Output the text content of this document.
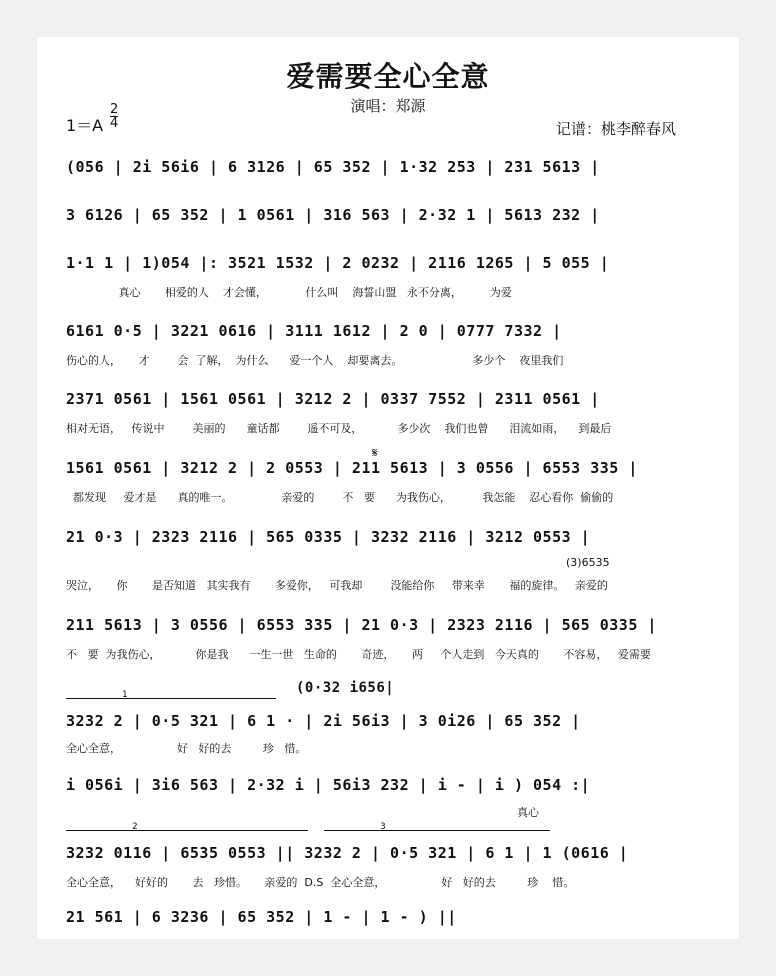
爱需要全心全意
演唱：郑源
$1=A \frac{2}{4}$	记谱：桃李醉春风
(056 | 2i 56i6 | 6 3126 | 65 352 | 1·32 253 | 231 5613 |
3 6126 | 65 352 | 1 0561 | 316 563 | 2·32 1 | 5613 232 |
1·1 1 | 1)054 |: 3521 1532 | 2 0232 | 2116 1265 | 5 055 |
真心       相爱的人    才会懂，           什么叫    海誓山盟   永不分离，        为爱
6161 0·5 | 3221 0616 | 3111 1612 | 2 0 | 0777 7332 |
伤心的人，     才        会  了解，  为什么      爱一个人    却要离去。                    多少个    夜里我们
2371 0561 | 1561 0561 | 3212 2 | 0337 7552 | 2311 0561 |
相对无语，   传说中        美丽的      童话都        遥不可及，          多少次    我们也曾      泪流如雨，    到最后
𝄋
1561 0561 | 3212 2 | 2 0553 | 211 5613 | 3 0556 | 6553 335 |
都发现     爱才是      真的唯一。              亲爱的        不   要      为我伤心，         我怎能    忍心看你  偷偷的
21 0·3 | 2323 2116 | 565 0335 | 3232 2116 | 3212 0553 |
(3)6535
哭泣，     你       是否知道   其实我有       多爱你，   可我却        没能给你     带来幸       福的旋律。   亲爱的
211 5613 | 3 0556 | 6553 335 | 21 0·3 | 2323 2116 | 565 0335 |
不   要  为我伤心，          你是我      一生一世   生命的       奇迹，     两     个人走到   今天真的       不容易，   爱需要
1	(0·32 i656|
3232 2 | 0·5 321 | 6 1 · | 2i 56i3 | 3 0i26 | 65 352 |
全心全意，                好   好的去         珍   惜。
i 056i | 3i6 563 | 2·32 i | 56i3 232 | i - | i ) 054 :|
真心
2	3
3232 0116 | 6535 0553 || 3232 2 | 0·5 321 | 6 1 | 1 (0616 |
全心全意，    好好的       去   珍惜。     亲爱的  D.S  全心全意，                好   好的去         珍    惜。
21 561 | 6 3236 | 65 352 | 1 - | 1 - ) ||
